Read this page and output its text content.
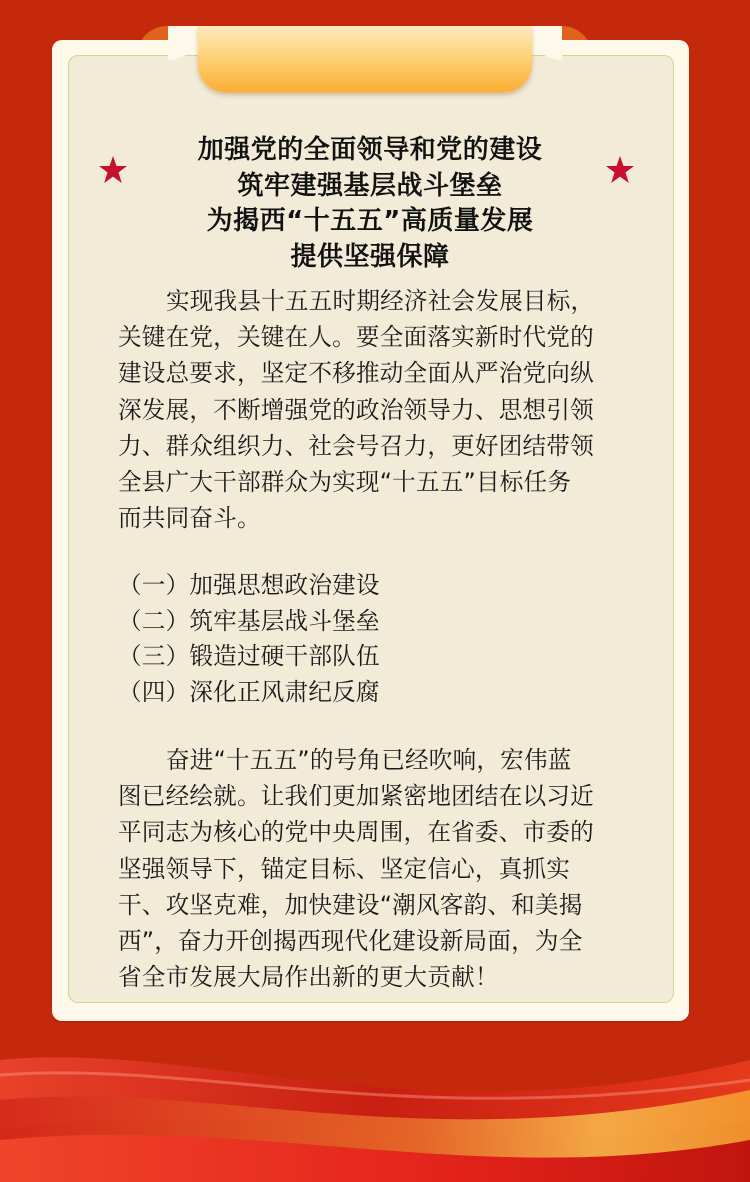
加强党的全面领导和党的建设
筑牢建强基层战斗堡垒
为揭西“十五五”高质量发展
提供坚强保障
实现我县十五五时期经济社会发展目标，
关键在党，关键在人。要全面落实新时代党的
建设总要求，坚定不移推动全面从严治党向纵
深发展，不断增强党的政治领导力、思想引领
力、群众组织力、社会号召力，更好团结带领
全县广大干部群众为实现“十五五”目标任务
而共同奋斗。
（一）加强思想政治建设
（二）筑牢基层战斗堡垒
（三）锻造过硬干部队伍
（四）深化正风肃纪反腐
奋进“十五五”的号角已经吹响，宏伟蓝
图已经绘就。让我们更加紧密地团结在以习近
平同志为核心的党中央周围，在省委、市委的
坚强领导下，锚定目标、坚定信心，真抓实
干、攻坚克难，加快建设“潮风客韵、和美揭
西”，奋力开创揭西现代化建设新局面，为全
省全市发展大局作出新的更大贡献！
